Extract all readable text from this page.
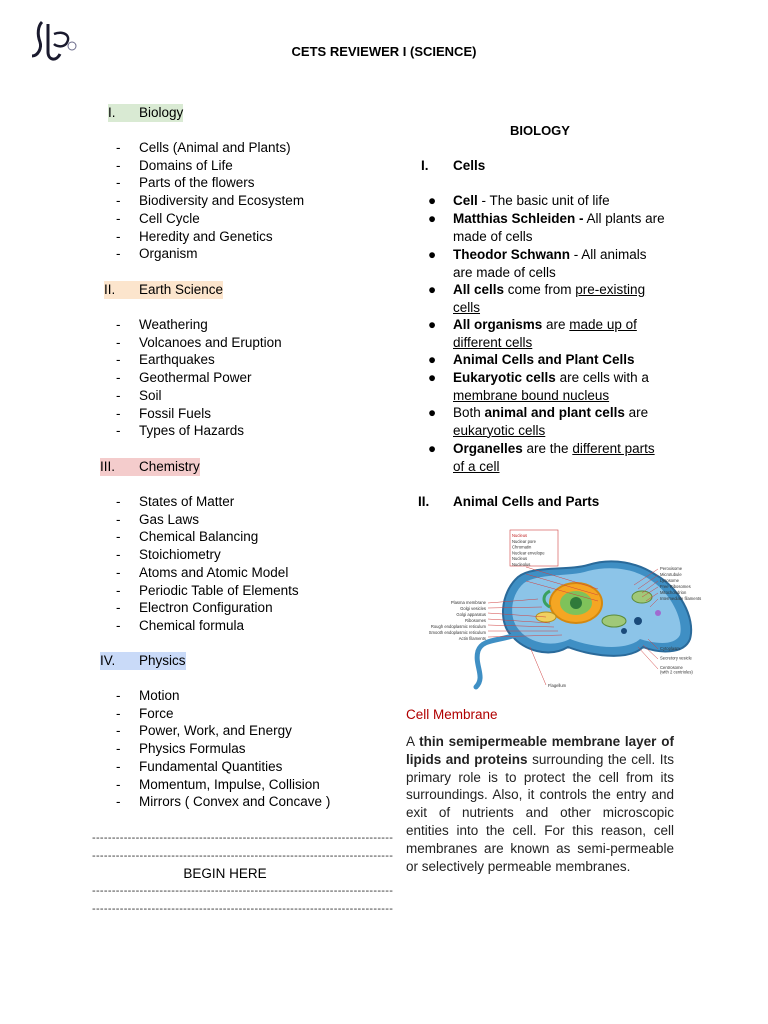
JB
CETS REVIEWER I (SCIENCE)
I. Biology
-	Cells (Animal and Plants)
-	Domains of Life
-	Parts of the flowers
-	Biodiversity and Ecosystem
-	Cell Cycle
-	Heredity and Genetics
-	Organism
II. Earth Science
-	Weathering
-	Volcanoes and Eruption
-	Earthquakes
-	Geothermal Power
-	Soil
-	Fossil Fuels
-	Types of Hazards
III. Chemistry
-	States of Matter
-	Gas Laws
-	Chemical Balancing
-	Stoichiometry
-	Atoms and Atomic Model
-	Periodic Table of Elements
-	Electron Configuration
-	Chemical formula
IV. Physics
-	Motion
-	Force
-	Power, Work, and Energy
-	Physics Formulas
-	Fundamental Quantities
-	Momentum, Impulse, Collision
-	Mirrors ( Convex and Concave )
----------------------------------------------------------------------------
----------------------------------------------------------------------------
BEGIN HERE
----------------------------------------------------------------------------
----------------------------------------------------------------------------
BIOLOGY
I. Cells
● Cell - The basic unit of life
● Matthias Schleiden - All plants are made of cells
● Theodor Schwann - All animals are made of cells
● All cells come from pre-existing cells
● All organisms are made up of different cells
● Animal Cells and Plant Cells
● Eukaryotic cells are cells with a membrane bound nucleus
● Both animal and plant cells are eukaryotic cells
● Organelles are the different parts of a cell
II. Animal Cells and Parts
Nucleus
Nuclear pore
Chromatin
Nuclear envelope
Nucleus
Nucleolus
Plasma membrane
Golgi vesicles
Golgi apparatus
Ribosomes
Rough endoplasmic reticulum
Smooth endoplasmic reticulum
Actin filaments
Peroxisome
Microtubule
Lysosome
Free Ribosomes
Mitochondrion
Intermediate filaments
Cytoplasm
Secretory vesicle
Centrosome
(with 2 centrioles)
Flagellum
Cell Membrane
A thin semipermeable membrane layer of lipids and proteins surrounding the cell. Its primary role is to protect the cell from its surroundings. Also, it controls the entry and exit of nutrients and other microscopic entities into the cell. For this reason, cell membranes are known as semi-permeable or selectively permeable membranes.
